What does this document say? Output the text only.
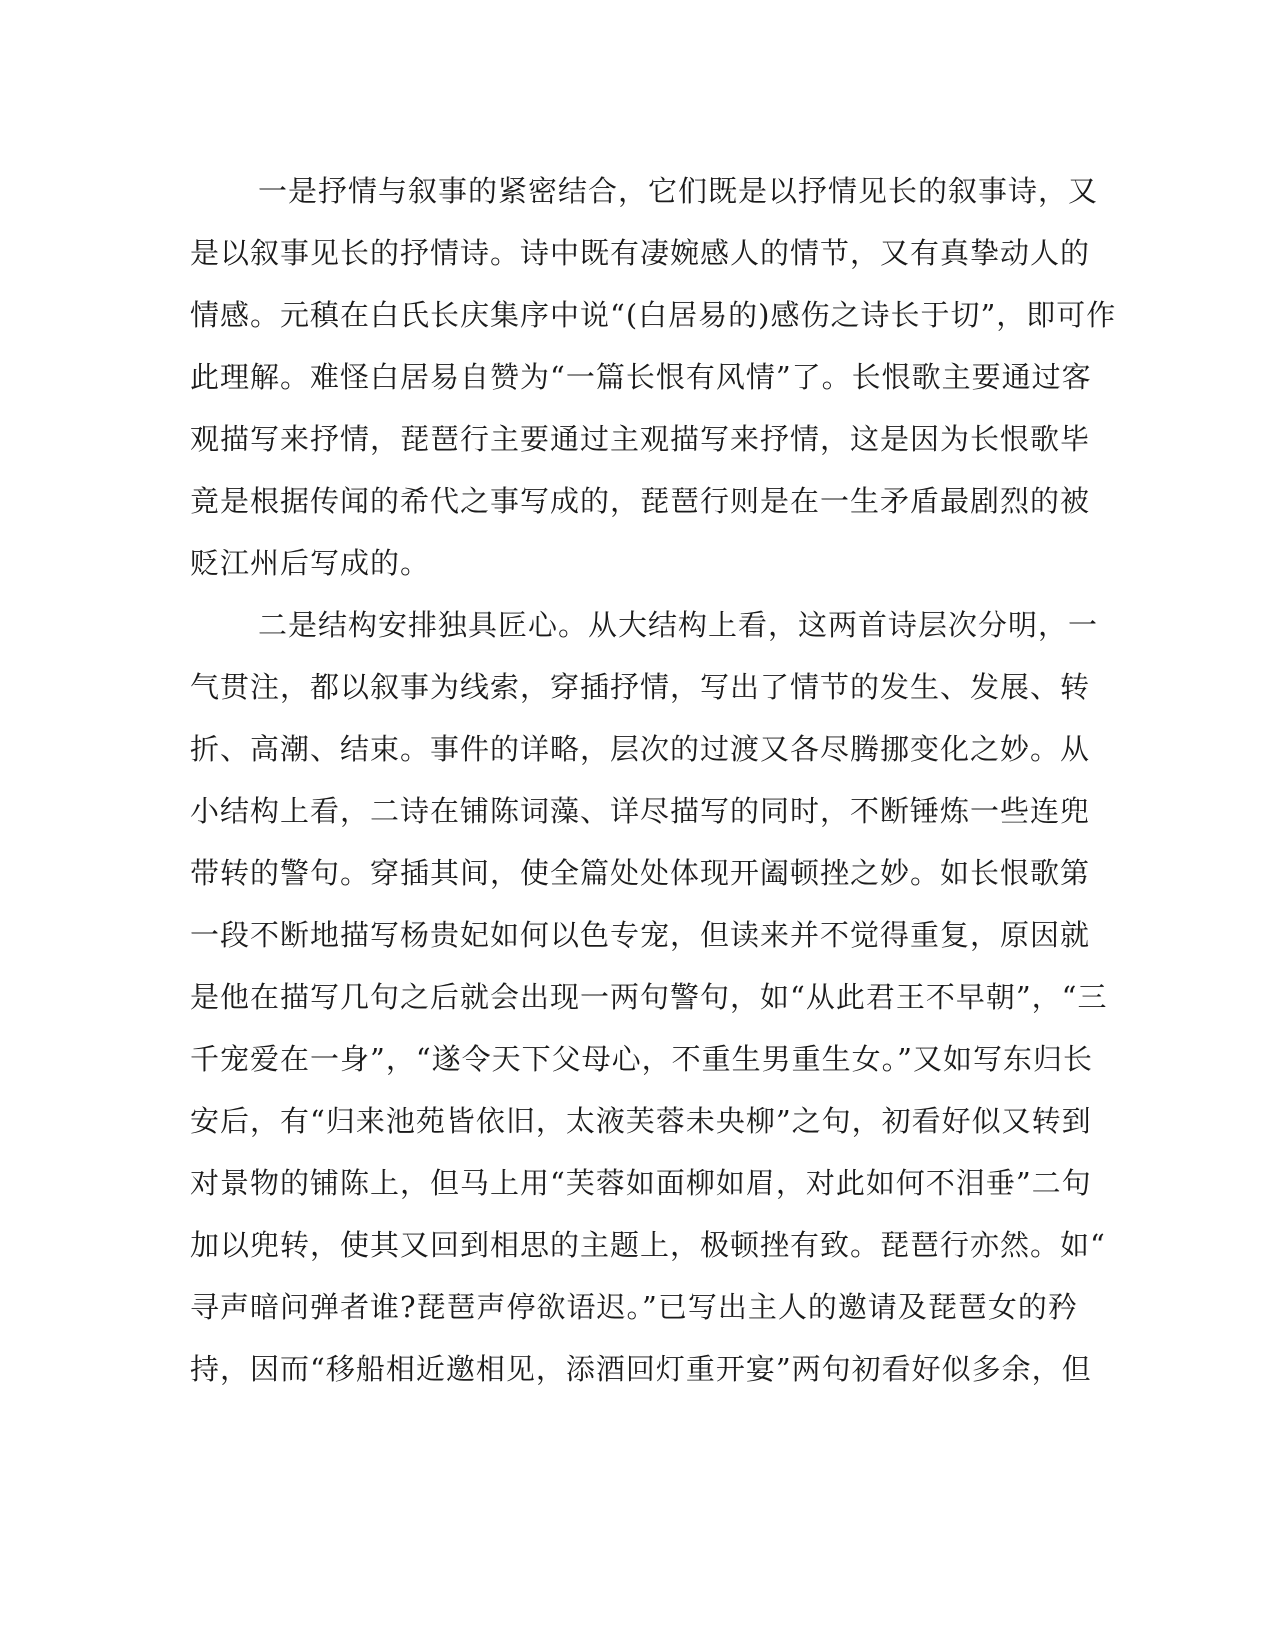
一是抒情与叙事的紧密结合，它们既是以抒情见长的叙事诗，又
是以叙事见长的抒情诗。诗中既有凄婉感人的情节，又有真挚动人的
情感。元稹在白氏长庆集序中说“(白居易的)感伤之诗长于切”，即可作
此理解。难怪白居易自赞为“一篇长恨有风情”了。长恨歌主要通过客
观描写来抒情，琵琶行主要通过主观描写来抒情，这是因为长恨歌毕
竟是根据传闻的希代之事写成的，琵琶行则是在一生矛盾最剧烈的被
贬江州后写成的。
二是结构安排独具匠心。从大结构上看，这两首诗层次分明，一
气贯注，都以叙事为线索，穿插抒情，写出了情节的发生、发展、转
折、高潮、结束。事件的详略，层次的过渡又各尽腾挪变化之妙。从
小结构上看，二诗在铺陈词藻、详尽描写的同时，不断锤炼一些连兜
带转的警句。穿插其间，使全篇处处体现开阖顿挫之妙。如长恨歌第
一段不断地描写杨贵妃如何以色专宠，但读来并不觉得重复，原因就
是他在描写几句之后就会出现一两句警句，如“从此君王不早朝”，“三
千宠爱在一身”，“遂令天下父母心，不重生男重生女。”又如写东归长
安后，有“归来池苑皆依旧，太液芙蓉未央柳”之句，初看好似又转到
对景物的铺陈上，但马上用“芙蓉如面柳如眉，对此如何不泪垂”二句
加以兜转，使其又回到相思的主题上，极顿挫有致。琵琶行亦然。如“
寻声暗问弹者谁?琵琶声停欲语迟。”已写出主人的邀请及琵琶女的矜
持，因而“移船相近邀相见，添酒回灯重开宴”两句初看好似多余，但
